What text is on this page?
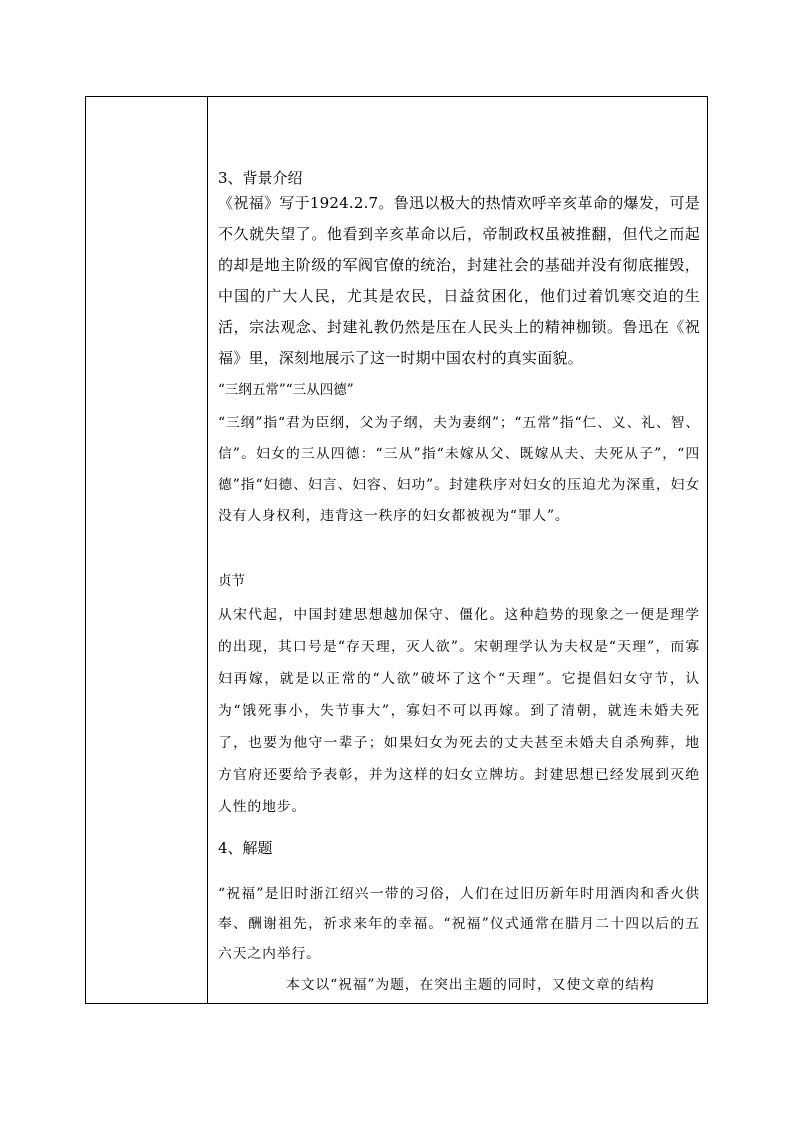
3、背景介绍
《祝福》写于1924.2.7。鲁迅以极大的热情欢呼辛亥革命的爆发，可是不久就失望了。他看到辛亥革命以后，帝制政权虽被推翻，但代之而起的却是地主阶级的军阀官僚的统治，封建社会的基础并没有彻底摧毁，中国的广大人民，尤其是农民，日益贫困化，他们过着饥寒交迫的生活，宗法观念、封建礼教仍然是压在人民头上的精神枷锁。鲁迅在《祝福》里，深刻地展示了这一时期中国农村的真实面貌。
“三纲五常”“三从四德”
“三纲”指“君为臣纲，父为子纲，夫为妻纲”；“五常”指“仁、义、礼、智、信”。妇女的三从四德：“三从”指“未嫁从父、既嫁从夫、夫死从子”，“四德”指“妇德、妇言、妇容、妇功”。封建秩序对妇女的压迫尤为深重，妇女没有人身权利，违背这一秩序的妇女都被视为“罪人”。
贞节
从宋代起，中国封建思想越加保守、僵化。这种趋势的现象之一便是理学的出现，其口号是“存天理，灭人欲”。宋朝理学认为夫权是“天理”，而寡妇再嫁，就是以正常的“人欲”破坏了这个“天理”。它提倡妇女守节，认为“饿死事小，失节事大”，寡妇不可以再嫁。到了清朝，就连未婚夫死了，也要为他守一辈子；如果妇女为死去的丈夫甚至未婚夫自杀殉葬，地方官府还要给予表彰，并为这样的妇女立牌坊。封建思想已经发展到灭绝人性的地步。
4、解题
“祝福”是旧时浙江绍兴一带的习俗，人们在过旧历新年时用酒肉和香火供奉、酬谢祖先，祈求来年的幸福。“祝福”仪式通常在腊月二十四以后的五六天之内举行。
本文以“祝福”为题，在突出主题的同时，又使文章的结构
